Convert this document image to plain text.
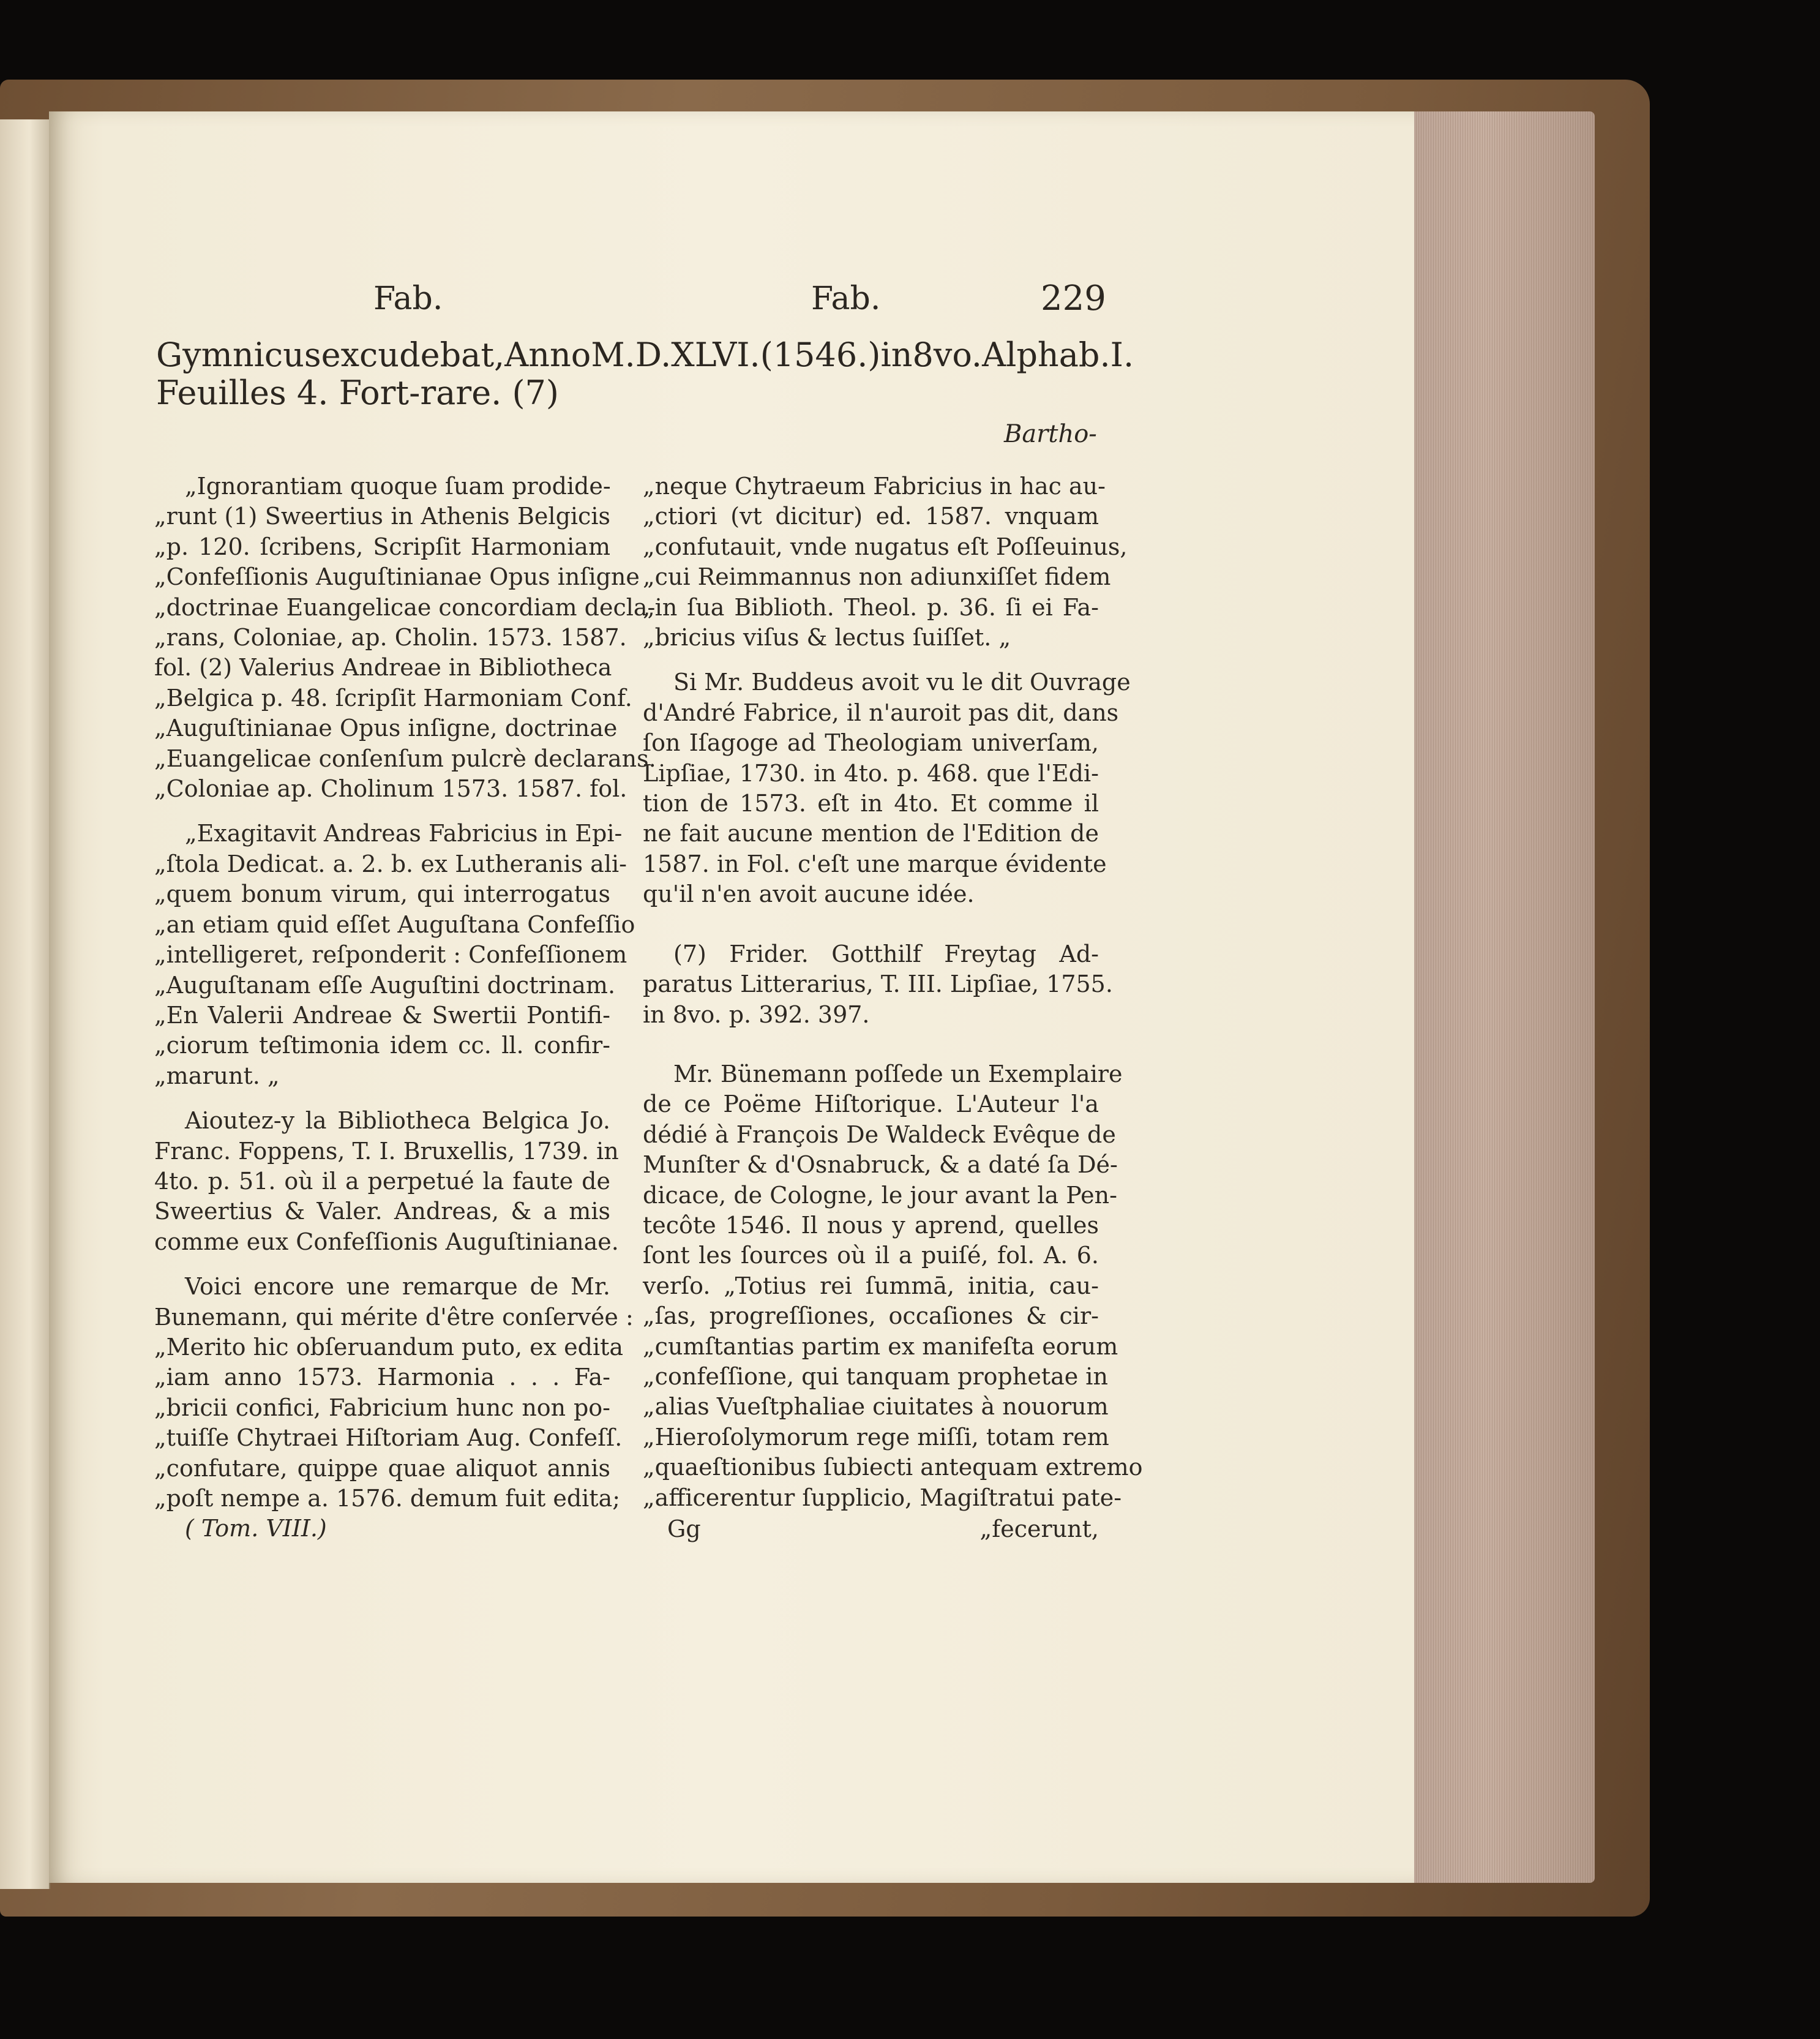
Fab.	Fab.	229
Gymnicus excudebat, Anno M.D.XLVI. (1546.) in 8vo. Alphab. I.
Feuilles 4. Fort-rare. (7)
Bartho-

„Ignorantiam quoque ſuam prodide-
„runt (1) Sweertius in Athenis Belgicis
„p. 120. ſcribens, Scripſit Harmoniam
„Confeſſionis Auguſtinianae Opus inſigne
„doctrinae Euangelicae concordiam decla-
„rans, Coloniae, ap. Cholin. 1573. 1587.
fol. (2) Valerius Andreae in Bibliotheca
„Belgica p. 48. ſcripſit Harmoniam Conf.
„Auguſtinianae Opus inſigne, doctrinae
„Euangelicae conſenſum pulcrè declarans.
„Coloniae ap. Cholinum 1573. 1587. fol.

„Exagitavit Andreas Fabricius in Epi-
„ſtola Dedicat. a. 2. b. ex Lutheranis ali-
„quem bonum virum, qui interrogatus
„an etiam quid eſſet Auguſtana Confeſſio
„intelligeret, reſponderit : Confeſſionem
„Auguſtanam eſſe Auguſtini doctrinam.
„En Valerii Andreae & Swertii Pontifi-
„ciorum teſtimonia idem cc. ll. confir-
„marunt. „

Aioutez-y la Bibliotheca Belgica Jo.
Franc. Foppens, T. I. Bruxellis, 1739. in
4to. p. 51. où il a perpetué la faute de
Sweertius & Valer. Andreas, & a mis
comme eux Confeſſionis Auguſtinianae.

Voici encore une remarque de Mr.
Bunemann, qui mérite d'être conſervée :
„Merito hic obſeruandum puto, ex edita
„iam anno 1573. Harmonia . . . Fa-
„bricii confici, Fabricium hunc non po-
„tuiſſe Chytraei Hiſtoriam Aug. Confeſſ.
„confutare, quippe quae aliquot annis
„poſt nempe a. 1576. demum fuit edita;
( Tom. VIII.)

„neque Chytraeum Fabricius in hac au-
„ctiori (vt dicitur) ed. 1587. vnquam
„confutauit, vnde nugatus eſt Poſſeuinus,
„cui Reimmannus non adiunxiſſet fidem
„in ſua Biblioth. Theol. p. 36. ſi ei Fa-
„bricius viſus & lectus ſuiſſet. „

Si Mr. Buddeus avoit vu le dit Ouvrage
d'André Fabrice, il n'auroit pas dit, dans
ſon Iſagoge ad Theologiam univerſam,
Lipſiae, 1730. in 4to. p. 468. que l'Edi-
tion de 1573. eſt in 4to. Et comme il
ne fait aucune mention de l'Edition de
1587. in Fol. c'eſt une marque évidente
qu'il n'en avoit aucune idée.

(7) Frider. Gotthilf Freytag Ad-
paratus Litterarius, T. III. Lipſiae, 1755.
in 8vo. p. 392. 397.

Mr. Bünemann poſſede un Exemplaire
de ce Poëme Hiſtorique. L'Auteur l'a
dédié à François De Waldeck Evêque de
Munſter & d'Osnabruck, & a daté ſa Dé-
dicace, de Cologne, le jour avant la Pen-
tecôte 1546. Il nous y aprend, quelles
ſont les ſources où il a puiſé, fol. A. 6.
verſo. „Totius rei ſummā, initia, cau-
„ſas, progreſſiones, occaſiones & cir-
„cumſtantias partim ex manifeſta eorum
„confeſſione, qui tanquam prophetae in
„alias Vueſtphaliae ciuitates à nouorum
„Hieroſolymorum rege miſſi, totam rem
„quaeſtionibus ſubiecti antequam extremo
„afficerentur ſupplicio, Magiſtratui pate-

Gg	„fecerunt,
